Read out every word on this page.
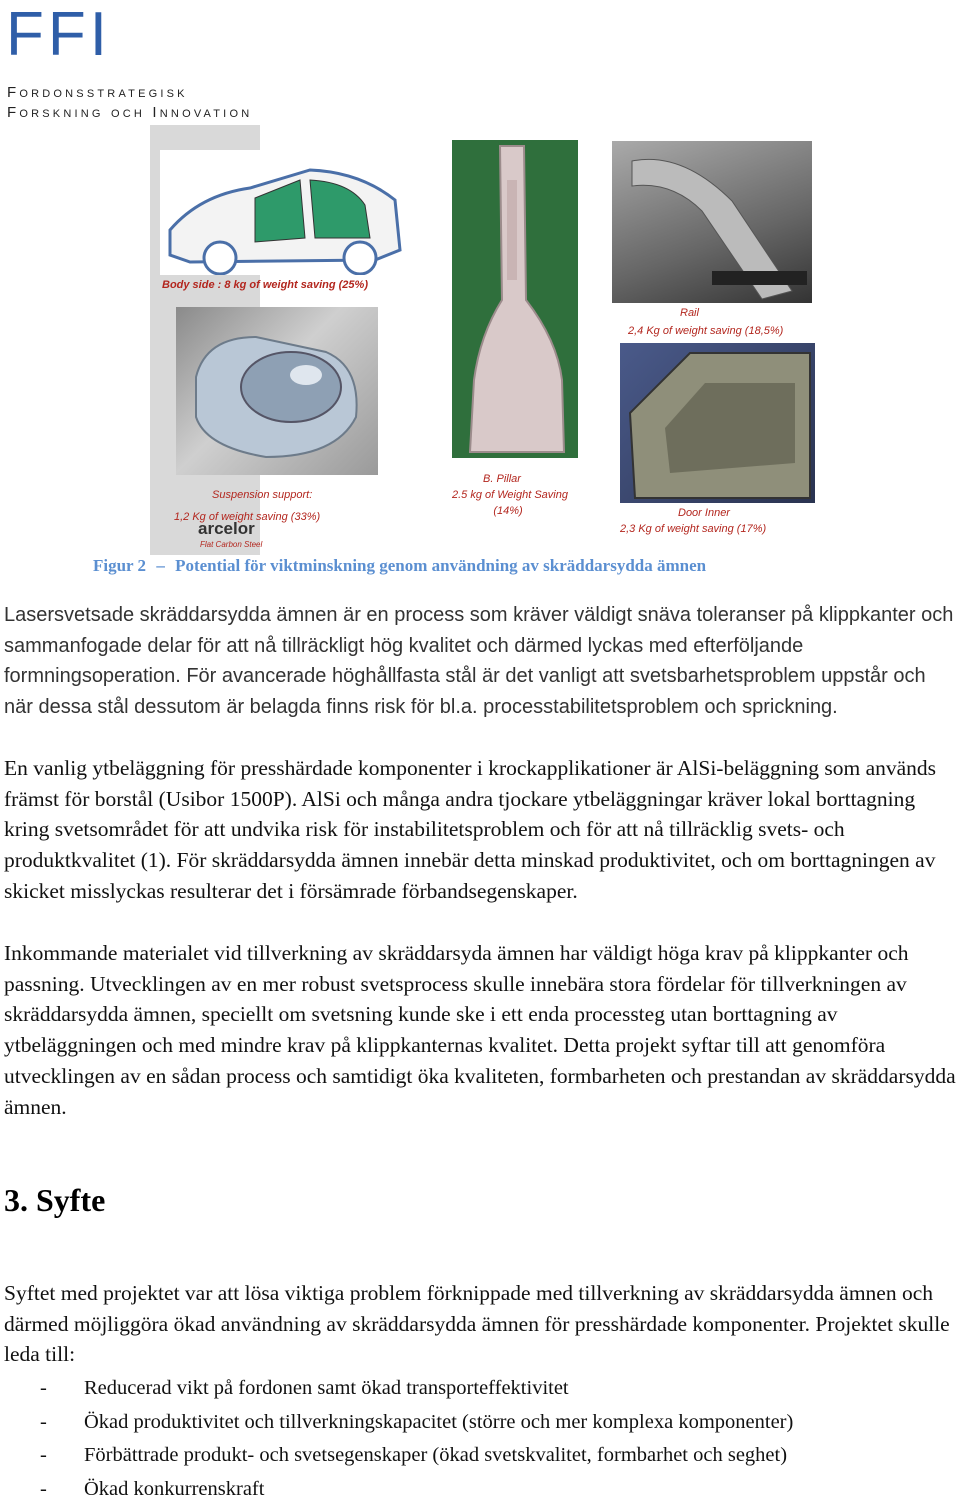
FFI
Fordonsstrategisk
Forskning och Innovation
Body side : 8 kg of weight saving (25%)
Suspension support:
1,2 Kg of weight saving (33%)
arcelor
Flat Carbon Steel
B. Pillar
2.5 kg of Weight Saving
(14%)
Rail
2,4 Kg of weight saving (18,5%)
Door Inner
2,3 Kg of weight saving (17%)
Figur 2 – Potential för viktminskning genom användning av skräddarsydda ämnen
Lasersvetsade skräddarsydda ämnen är en process som kräver väldigt snäva toleranser på klippkanter och sammanfogade delar för att nå tillräckligt hög kvalitet och därmed lyckas med efterföljande formningsoperation. För avancerade höghållfasta stål är det vanligt att svetsbarhetsproblem uppstår och när dessa stål dessutom är belagda finns risk för bl.a. processtabilitetsproblem och sprickning.
En vanlig ytbeläggning för presshärdade komponenter i krockapplikationer är AlSi-beläggning som används främst för borstål (Usibor 1500P). AlSi och många andra tjockare ytbeläggningar kräver lokal borttagning kring svetsområdet för att undvika risk för instabilitetsproblem och för att nå tillräcklig svets- och produktkvalitet (1). För skräddarsydda ämnen innebär detta minskad produktivitet, och om borttagningen av skicket misslyckas resulterar det i försämrade förbandsegenskaper.
Inkommande materialet vid tillverkning av skräddarsyda ämnen har väldigt höga krav på klippkanter och passning. Utvecklingen av en mer robust svetsprocess skulle innebära stora fördelar för tillverkningen av skräddarsydda ämnen, speciellt om svetsning kunde ske i ett enda processteg utan borttagning av ytbeläggningen och med mindre krav på klippkanternas kvalitet. Detta projekt syftar till att genomföra utvecklingen av en sådan process och samtidigt öka kvaliteten, formbarheten och prestandan av skräddarsydda ämnen.
3. Syfte
Syftet med projektet var att lösa viktiga problem förknippade med tillverkning av skräddarsydda ämnen och därmed möjliggöra ökad användning av skräddarsydda ämnen för presshärdade komponenter. Projektet skulle leda till:
- Reducerad vikt på fordonen samt ökad transporteffektivitet
- Ökad produktivitet och tillverkningskapacitet (större och mer komplexa komponenter)
- Förbättrade produkt- och svetsegenskaper (ökad svetskvalitet, formbarhet och seghet)
- Ökad konkurrenskraft
